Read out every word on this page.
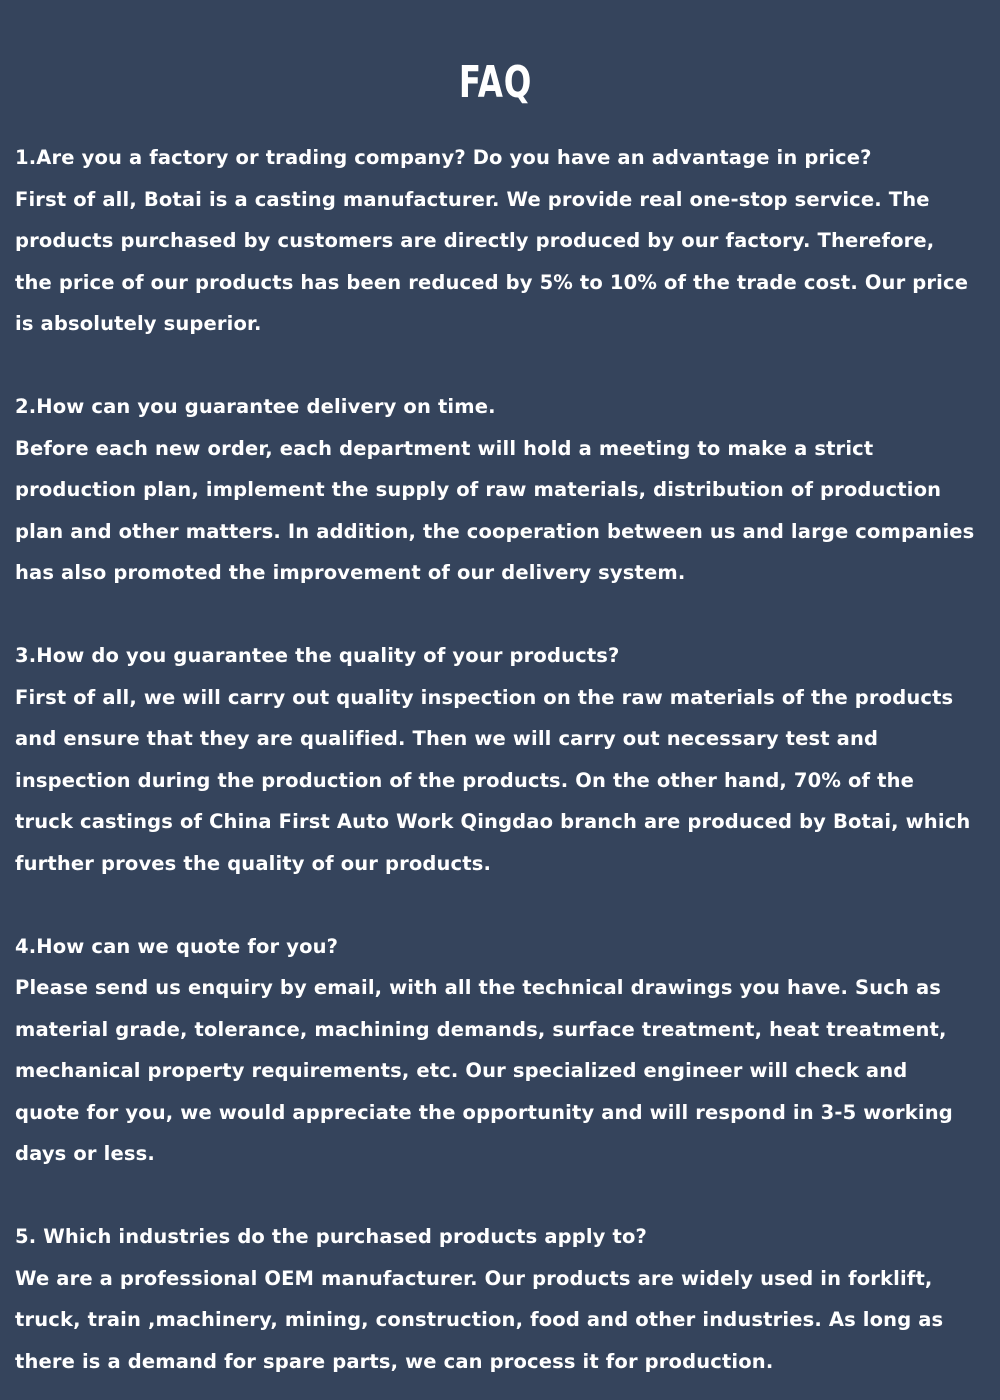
FAQ

1.Are you a factory or trading company? Do you have an advantage in price?

First of all, Botai is a casting manufacturer. We provide real one-stop service. The products purchased by customers are directly produced by our factory. Therefore, the price of our products has been reduced by 5% to 10% of the trade cost. Our price is absolutely superior.

2.How can you guarantee delivery on time.

Before each new order, each department will hold a meeting to make a strict production plan, implement the supply of raw materials, distribution of production plan and other matters. In addition, the cooperation between us and large companies has also promoted the improvement of our delivery system.

3.How do you guarantee the quality of your products?

First of all, we will carry out quality inspection on the raw materials of the products and ensure that they are qualified. Then we will carry out necessary test and inspection during the production of the products. On the other hand, 70% of the truck castings of China First Auto Work Qingdao branch are produced by Botai, which further proves the quality of our products.

4.How can we quote for you?

Please send us enquiry by email, with all the technical drawings you have. Such as material grade, tolerance, machining demands, surface treatment, heat treatment, mechanical property requirements, etc. Our specialized engineer will check and quote for you, we would appreciate the opportunity and will respond in 3-5 working days or less.

5. Which industries do the purchased products apply to?

We are a professional OEM manufacturer. Our products are widely used in forklift, truck, train ,machinery, mining, construction, food and other industries. As long as there is a demand for spare parts, we can process it for production.
